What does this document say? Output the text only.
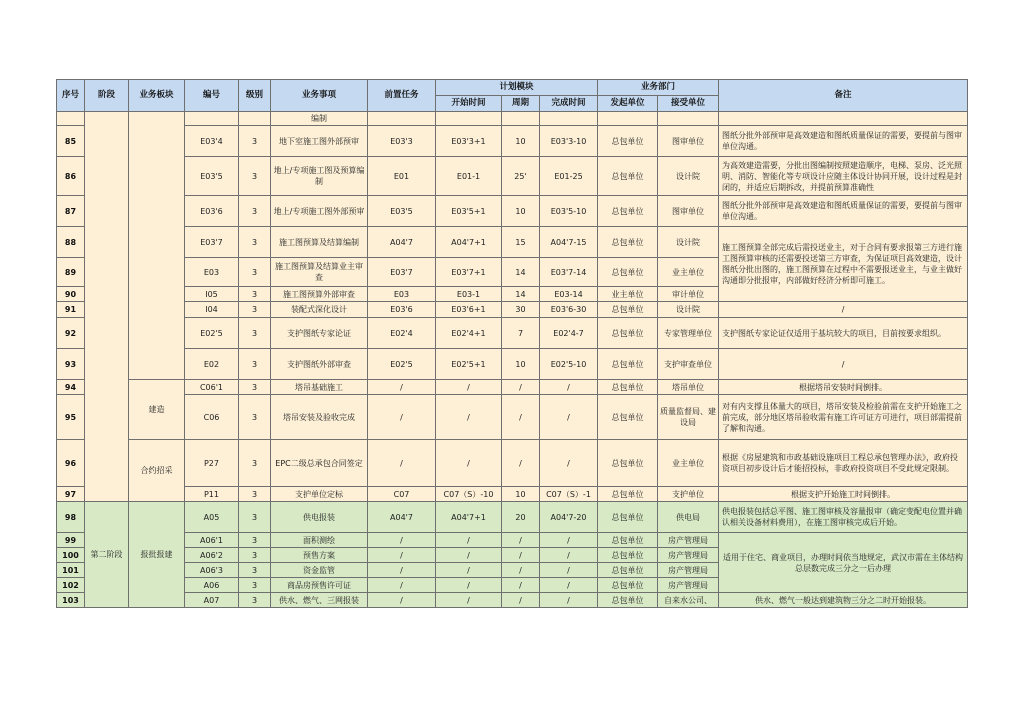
序号	阶段	业务板块	编号	级别	业务事项	前置任务	计划模块			业务部门		备注
							开始时间	周期	完成时间	发起单位	接受单位	
					编制							
85			E03'4	3	地下室施工图外部预审	E03'3	E03'3+1	10	E03'3-10	总包单位	图审单位	图纸分批外部预审是高效建造和图纸质量保证的需要，要提前与图审单位沟通。
86			E03'5	3	地上/专项施工图及预算编制	E01	E01-1	25'	E01-25	总包单位	设计院	为高效建造需要，分批出图编制按照建造顺序，电梯、泵房、泛光照明、消防、智能化等专项设计应随主体设计协同开展，设计过程是封闭的，并适应后期拆改，并提前预算准确性
87			E03'6	3	地上/专项施工图外部预审	E03'5	E03'5+1	10	E03'5-10	总包单位	图审单位	图纸分批外部预审是高效建造和图纸质量保证的需要，要提前与图审单位沟通。
88			E03'7	3	施工图预算及结算编制	A04'7	A04'7+1	15	A04'7-15	总包单位	设计院	施工图预算全部完成后需投送业主，对于合同有要求报第三方进行施工图预算审核的还需要投送第三方审查，为保证项目高效建造，设计图纸分批出图的，施工图预算在过程中不需要报送业主，与业主做好沟通即分批报审，内部做好经济分析即可施工。
89			E03	3	施工图预算及结算业主审查	E03'7	E03'7+1	14	E03'7-14	总包单位	业主单位	
90			I05	3	施工图预算外部审查	E03	E03-1	14	E03-14	业主单位	审计单位	
91			I04	3	装配式深化设计	E03'6	E03'6+1	30	E03'6-30	总包单位	设计院	/
92			E02'5	3	支护图纸专家论证	E02'4	E02'4+1	7	E02'4-7	总包单位	专家管理单位	支护图纸专家论证仅适用于基坑较大的项目，目前按要求组织。
93			E02	3	支护图纸外部审查	E02'5	E02'5+1	10	E02'5-10	总包单位	支护审查单位	/
94		建造	C06'1	3	塔吊基础施工	/	/	/	/	总包单位	塔吊单位	根据塔吊安装时间倒排。
95			C06	3	塔吊安装及验收完成	/	/	/	/	总包单位	质量监督局、建设局	对有内支撑且体量大的项目，塔吊安装及检验前需在支护开始施工之前完成，部分地区塔吊验收需有施工许可证方可进行，项目部需提前了解和沟通。
96		合约招采	P27	3	EPC二级总承包合同签定	/	/	/	/	总包单位	业主单位	根据《房屋建筑和市政基础设施项目工程总承包管理办法》，政府投资项目初步设计后才能招投标，非政府投资项目不受此规定限制。
97			P11	3	支护单位定标	C07	C07（S）-10	10	C07（S）-1	总包单位	支护单位	根据支护开始施工时间倒排。
98	第二阶段	报批报建	A05	3	供电报装	A04'7	A04'7+1	20	A04'7-20	总包单位	供电局	供电报装包括总平图、施工图审核及容量报审（确定变配电位置并确认相关设备材料费用），在施工图审核完成后开始。
99			A06'1	3	面积测绘	/	/	/	/	总包单位	房产管理局	适用于住宅、商业项目，办理时间依当地规定，武汉市需在主体结构总层数完成三分之一后办理
100			A06'2	3	预售方案	/	/	/	/	总包单位	房产管理局	
101			A06'3	3	资金监管	/	/	/	/	总包单位	房产管理局	
102			A06	3	商品房预售许可证	/	/	/	/	总包单位	房产管理局	
103			A07	3	供水、燃气、三网报装	/	/	/	/	总包单位	自来水公司、	供水、燃气一般达到建筑物三分之二时开始报装。
